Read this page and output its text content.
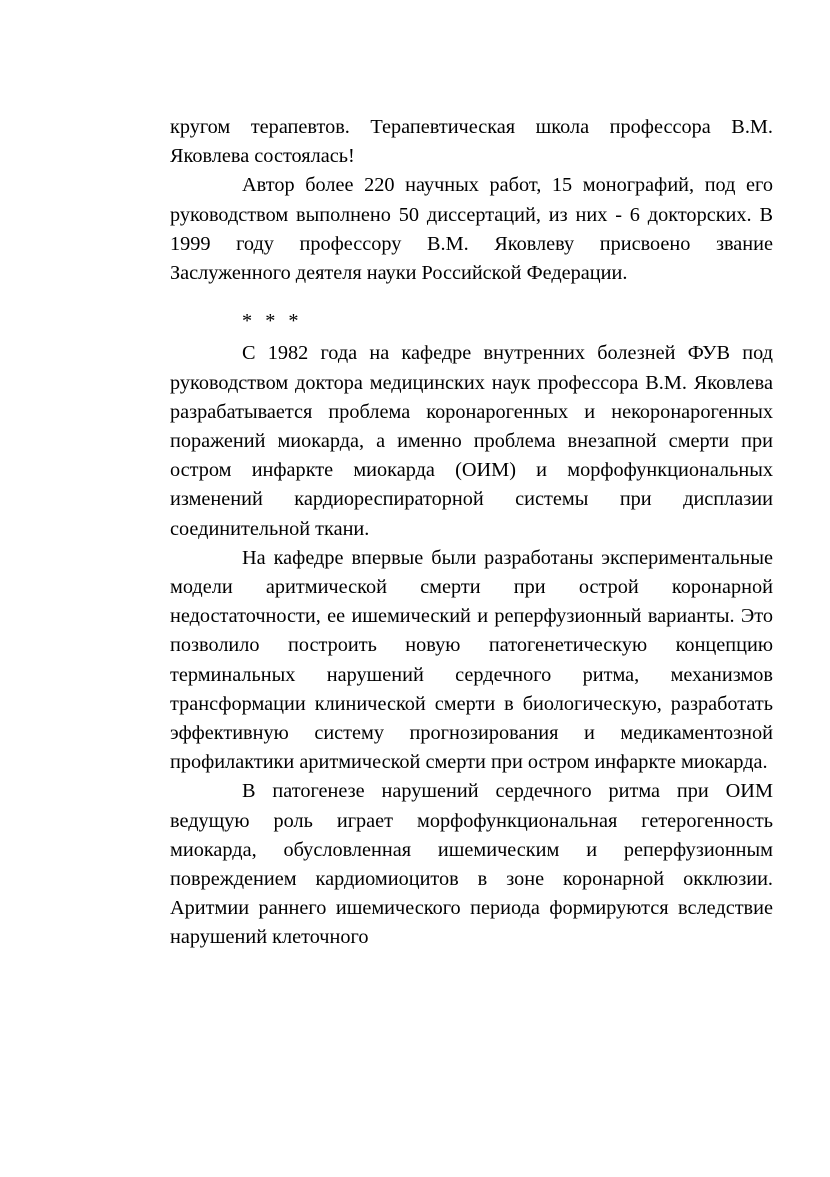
кругом терапевтов. Терапевтическая школа профессора В.М. Яковлева состоялась!

Автор более 220 научных работ, 15 монографий, под его руководством выполнено 50 диссертаций, из них - 6 докторских. В 1999 году профессору В.М. Яковлеву присвоено звание Заслуженного деятеля науки Российской Федерации.

* * *

С 1982 года на кафедре внутренних болезней ФУВ под руководством доктора медицинских наук профессора В.М. Яковлева разрабатывается проблема коронарогенных и некоронарогенных поражений миокарда, а именно проблема внезапной смерти при остром инфаркте миокарда (ОИМ) и морфофункциональных изменений кардиореспираторной системы при дисплазии соединительной ткани.

На кафедре впервые были разработаны экспериментальные модели аритмической смерти при острой коронарной недостаточности, ее ишемический и реперфузионный варианты. Это позволило построить новую патогенетическую концепцию терминальных нарушений сердечного ритма, механизмов трансформации клинической смерти в биологическую, разработать эффективную систему прогнозирования и медикаментозной профилактики аритмической смерти при остром инфаркте миокарда.

В патогенезе нарушений сердечного ритма при ОИМ ведущую роль играет морфофункциональная гетерогенность миокарда, обусловленная ишемическим и реперфузионным повреждением кардиомиоцитов в зоне коронарной окклюзии. Аритмии раннего ишемического периода формируются вследствие нарушений клеточного
